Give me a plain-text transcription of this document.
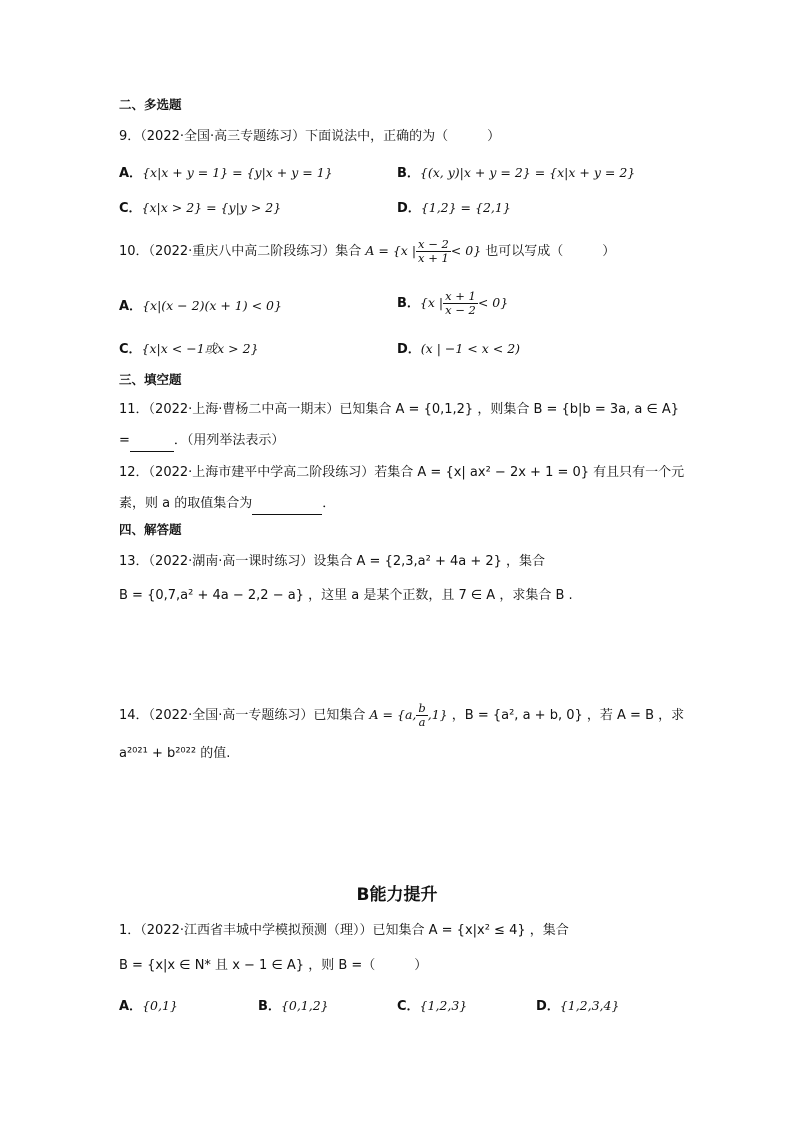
二、多选题
9．（2022·全国·高三专题练习）下面说法中，正确的为（　　　）
A．{x|x + y = 1} = {y|x + y = 1}	B．{(x, y)|x + y = 2} = {x|x + y = 2}
C．{x|x > 2} = {y|y > 2}	D．{1,2} = {2,1}
10．（2022·重庆八中高二阶段练习）集合 A = {x | $\frac{x - 2}{x + 1} < 0$} 也可以写成（　　　）
A．{x|(x − 2)(x + 1) < 0}	B．{x | $\frac{x + 1}{x - 2} < 0$}
C．{x|x < −1或x > 2}	D．(x | −1 < x < 2)
三、填空题
11．（2022·上海·曹杨二中高一期末）已知集合 A = {0,1,2} ，则集合 B = {b|b = 3a, a ∈ A}
=	．（用列举法表示）
12．（2022·上海市建平中学高二阶段练习）若集合 A = {x| ax² − 2x + 1 = 0} 有且只有一个元
素，则 a 的取值集合为	．
四、解答题
13．（2022·湖南·高一课时练习）设集合 A = {2,3,a² + 4a + 2} ，集合
B = {0,7,a² + 4a − 2,2 − a} ，这里 a 是某个正数，且 7 ∈ A ，求集合 B .
14．（2022·全国·高一专题练习）已知集合 A = {a, $\frac{b}{a} ,1$} ，B = {a², a + b, 0} ，若 A = B ，求
a²⁰²¹ + b²⁰²² 的值.
B能力提升
1．（2022·江西省丰城中学模拟预测（理））已知集合 A = {x|x² ≤ 4} ，集合
B = {x|x ∈ N* 且 x − 1 ∈ A} ，则 B =（　　　）
A．{0,1}	B．{0,1,2}	C．{1,2,3}	D．{1,2,3,4}
